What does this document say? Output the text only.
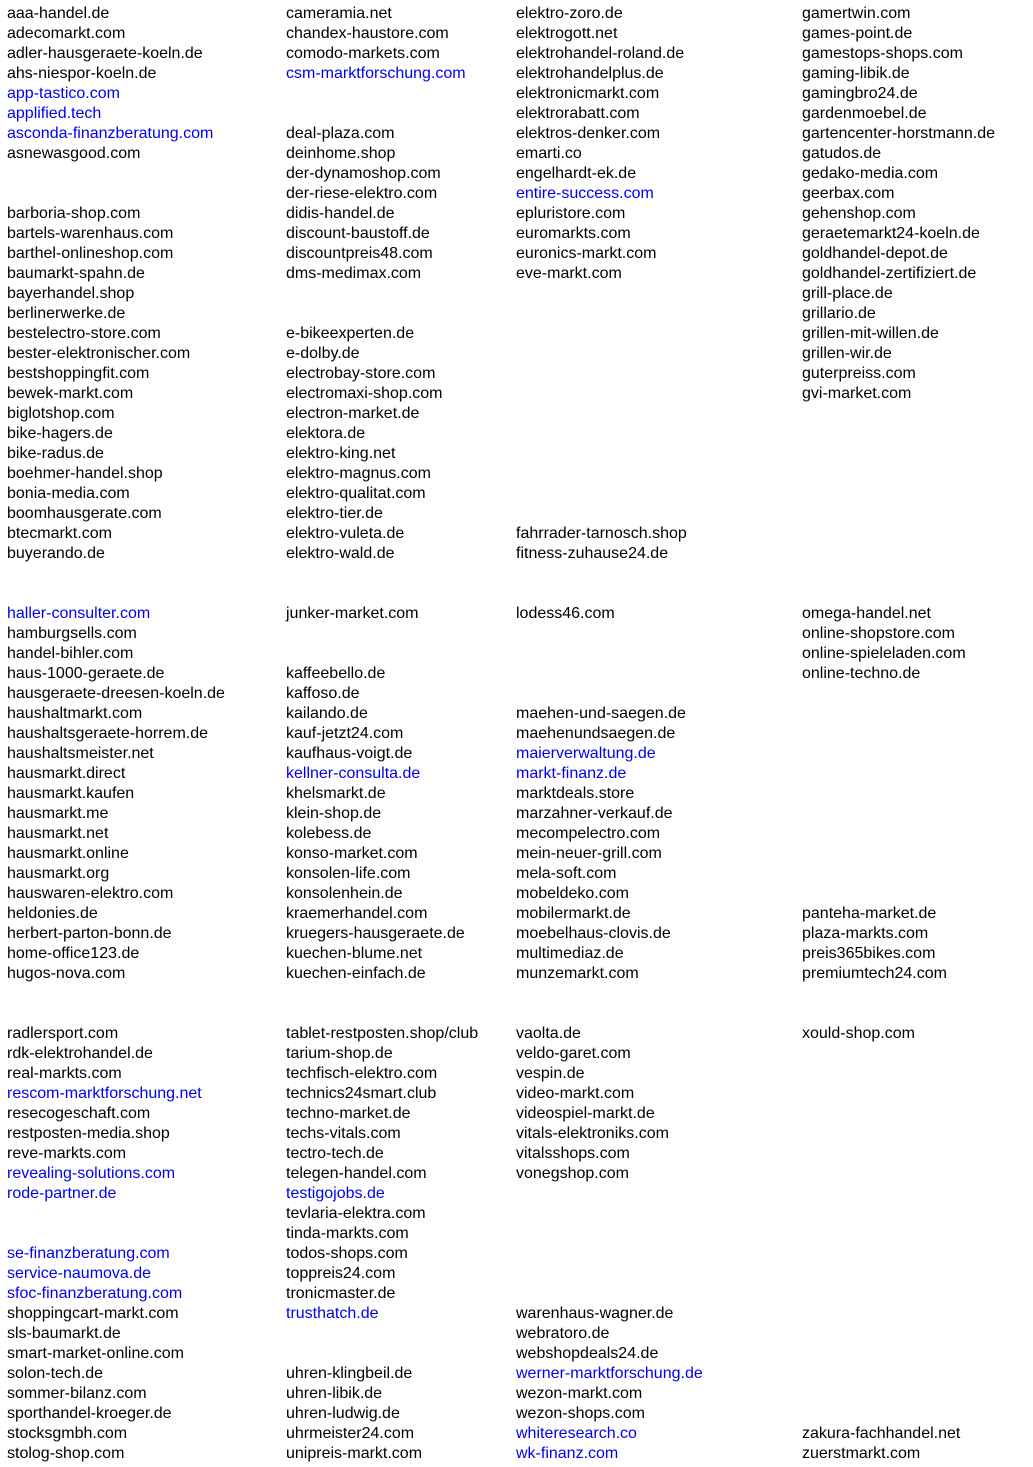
aaa-handel.de
adecomarkt.com
adler-hausgeraete-koeln.de
ahs-niespor-koeln.de
app-tastico.com
applified.tech
asconda-finanzberatung.com
asnewasgood.com
barboria-shop.com
bartels-warenhaus.com
barthel-onlineshop.com
baumarkt-spahn.de
bayerhandel.shop
berlinerwerke.de
bestelectro-store.com
bester-elektronischer.com
bestshoppingfit.com
bewek-markt.com
biglotshop.com
bike-hagers.de
bike-radus.de
boehmer-handel.shop
bonia-media.com
boomhausgerate.com
btecmarkt.com
buyerando.de
cameramia.net
chandex-haustore.com
comodo-markets.com
csm-marktforschung.com
deal-plaza.com
deinhome.shop
der-dynamoshop.com
der-riese-elektro.com
didis-handel.de
discount-baustoff.de
discountpreis48.com
dms-medimax.com
e-bikeexperten.de
e-dolby.de
electrobay-store.com
electromaxi-shop.com
electron-market.de
elektora.de
elektro-king.net
elektro-magnus.com
elektro-qualitat.com
elektro-tier.de
elektro-vuleta.de
elektro-wald.de
elektro-zoro.de
elektrogott.net
elektrohandel-roland.de
elektrohandelplus.de
elektronicmarkt.com
elektrorabatt.com
elektros-denker.com
emarti.co
engelhardt-ek.de
entire-success.com
epluristore.com
euromarkts.com
euronics-markt.com
eve-markt.com
fahrrader-tarnosch.shop
fitness-zuhause24.de
gamertwin.com
games-point.de
gamestops-shops.com
gaming-libik.de
gamingbro24.de
gardenmoebel.de
gartencenter-horstmann.de
gatudos.de
gedako-media.com
geerbax.com
gehenshop.com
geraetemarkt24-koeln.de
goldhandel-depot.de
goldhandel-zertifiziert.de
grill-place.de
grillario.de
grillen-mit-willen.de
grillen-wir.de
guterpreiss.com
gvi-market.com
haller-consulter.com
hamburgsells.com
handel-bihler.com
haus-1000-geraete.de
hausgeraete-dreesen-koeln.de
haushaltmarkt.com
haushaltsgeraete-horrem.de
haushaltsmeister.net
hausmarkt.direct
hausmarkt.kaufen
hausmarkt.me
hausmarkt.net
hausmarkt.online
hausmarkt.org
hauswaren-elektro.com
heldonies.de
herbert-parton-bonn.de
home-office123.de
hugos-nova.com
junker-market.com
kaffeebello.de
kaffoso.de
kailando.de
kauf-jetzt24.com
kaufhaus-voigt.de
kellner-consulta.de
khelsmarkt.de
klein-shop.de
kolebess.de
konso-market.com
konsolen-life.com
konsolenhein.de
kraemerhandel.com
kruegers-hausgeraete.de
kuechen-blume.net
kuechen-einfach.de
lodess46.com
maehen-und-saegen.de
maehenundsaegen.de
maierverwaltung.de
markt-finanz.de
marktdeals.store
marzahner-verkauf.de
mecompelectro.com
mein-neuer-grill.com
mela-soft.com
mobeldeko.com
mobilermarkt.de
moebelhaus-clovis.de
multimediaz.de
munzemarkt.com
omega-handel.net
online-shopstore.com
online-spieleladen.com
online-techno.de
panteha-market.de
plaza-markts.com
preis365bikes.com
premiumtech24.com
radlersport.com
rdk-elektrohandel.de
real-markts.com
rescom-marktforschung.net
resecogeschaft.com
restposten-media.shop
reve-markts.com
revealing-solutions.com
rode-partner.de
se-finanzberatung.com
service-naumova.de
sfoc-finanzberatung.com
shoppingcart-markt.com
sls-baumarkt.de
smart-market-online.com
solon-tech.de
sommer-bilanz.com
sporthandel-kroeger.de
stocksgmbh.com
stolog-shop.com
tablet-restposten.shop/club
tarium-shop.de
techfisch-elektro.com
technics24smart.club
techno-market.de
techs-vitals.com
tectro-tech.de
telegen-handel.com
testigojobs.de
tevlaria-elektra.com
tinda-markts.com
todos-shops.com
toppreis24.com
tronicmaster.de
trusthatch.de
uhren-klingbeil.de
uhren-libik.de
uhren-ludwig.de
uhrmeister24.com
unipreis-markt.com
vaolta.de
veldo-garet.com
vespin.de
video-markt.com
videospiel-markt.de
vitals-elektroniks.com
vitalsshops.com
vonegshop.com
warenhaus-wagner.de
webratoro.de
webshopdeals24.de
werner-marktforschung.de
wezon-markt.com
wezon-shops.com
whiteresearch.co
wk-finanz.com
xould-shop.com
zakura-fachhandel.net
zuerstmarkt.com
